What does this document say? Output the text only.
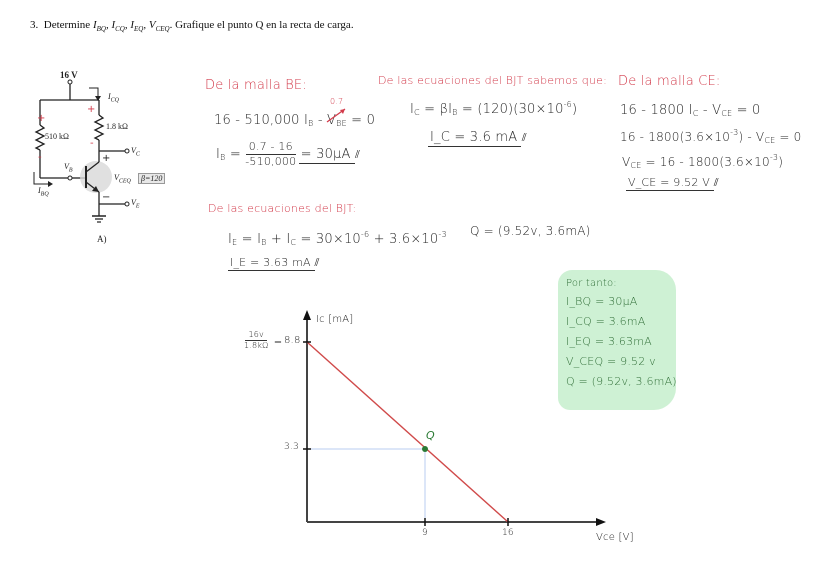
3.  Determine $I_{BQ}$, $I_{CQ}$, $I_{EQ}$, $V_{CEQ}$. Grafique el punto Q en la recta de carga.
+
-
+
-
+
−
16 V
510 kΩ
1.8 kΩ
$I_{CQ}$
$I_{BQ}$
$V_B$
$V_C$
$V_E$
$V_{CEQ}$	β=120
A)
De la malla BE:
0.7
16 - 510,000 $I_B - V_{BE}$
= 0
$I_B = \frac{0.7 - 16}{-510,000} = 30\mu A$ ⫽
De las ecuaciones del BJT sabemos que:
$I_C = \beta I_B = (120)(30\times 10^{-6})$
I_C = 3.6 mA ⫽
De la malla CE:
16 - 1800 $I_C - V_{CE} = 0$
$16 - 1800(3.6\times 10^{-3}) - V_{CE} = 0$
$V_{CE} = 16 - 1800(3.6\times 10^{-3})$
V_CE = 9.52 V ⫽
De las ecuaciones del BJT:
$I_E = I_B + I_C = 30\times 10^{-6} + 3.6\times 10^{-3}$
I_E = 3.63 mA ⫽
Q = (9.52v, 3.6mA)
Por tanto:
I_BQ = 30µA
I_CQ = 3.6mA
I_EQ = 3.63mA
V_CEQ = 9.52 v
Q = (9.52v, 3.6mA)
Ic [mA]
Vce [V]
8.8
3.3
9	16
Q
$\frac{16v}{1.8k\Omega}$ =
